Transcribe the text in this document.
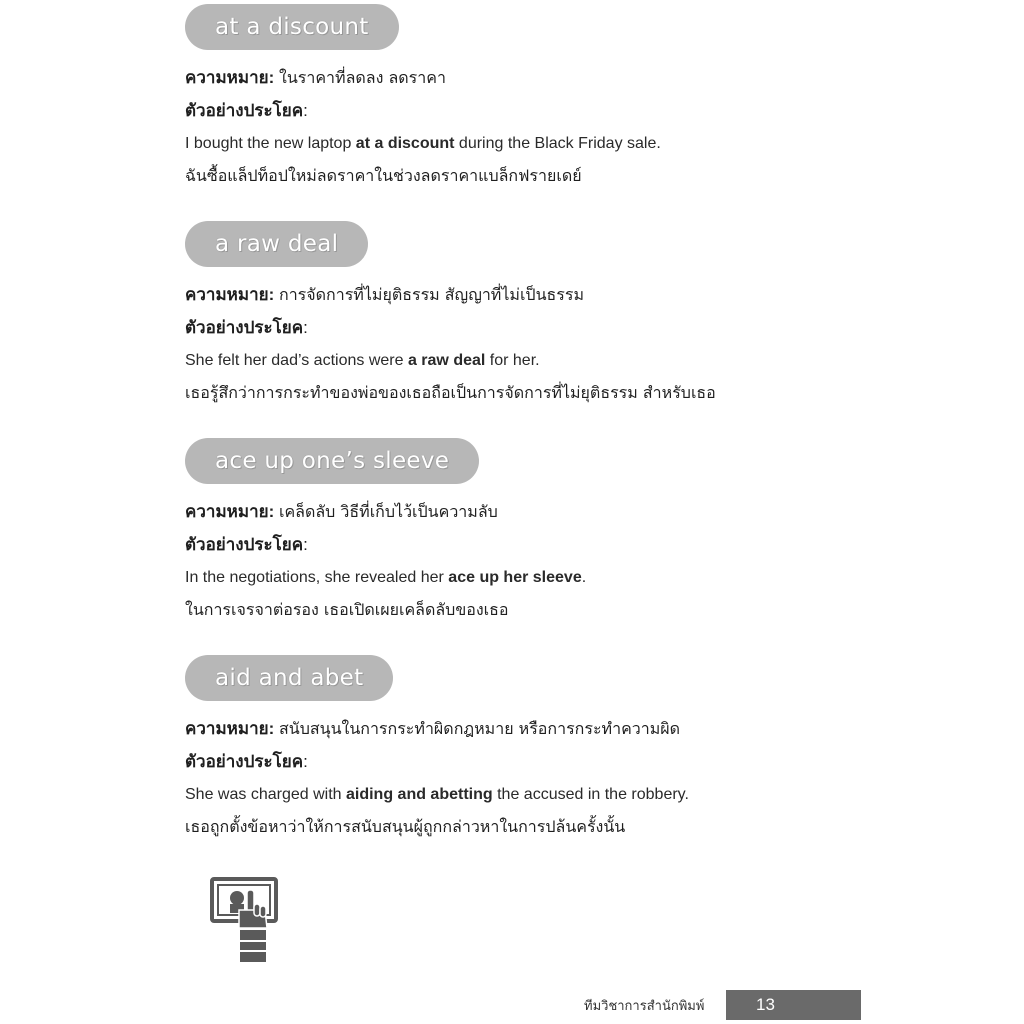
at a discount
ความหมาย: ในราคาที่ลดลง ลดราคา
ตัวอย่างประโยค:
I bought the new laptop at a discount during the Black Friday sale.
ฉันซื้อแล็ปท็อปใหม่ลดราคาในช่วงลดราคาแบล็กฟรายเดย์
a raw deal
ความหมาย: การจัดการที่ไม่ยุติธรรม สัญญาที่ไม่เป็นธรรม
ตัวอย่างประโยค:
She felt her dad’s actions were a raw deal for her.
เธอรู้สึกว่าการกระทำของพ่อของเธอถือเป็นการจัดการที่ไม่ยุติธรรม สำหรับเธอ
ace up one’s sleeve
ความหมาย: เคล็ดลับ วิธีที่เก็บไว้เป็นความลับ
ตัวอย่างประโยค:
In the negotiations, she revealed her ace up her sleeve.
ในการเจรจาต่อรอง เธอเปิดเผยเคล็ดลับของเธอ
aid and abet
ความหมาย: สนับสนุนในการกระทำผิดกฎหมาย หรือการกระทำความผิด
ตัวอย่างประโยค:
She was charged with aiding and abetting the accused in the robbery.
เธอถูกตั้งข้อหาว่าให้การสนับสนุนผู้ถูกกล่าวหาในการปล้นครั้งนั้น
ทีมวิชาการสำนักพิมพ์	13
